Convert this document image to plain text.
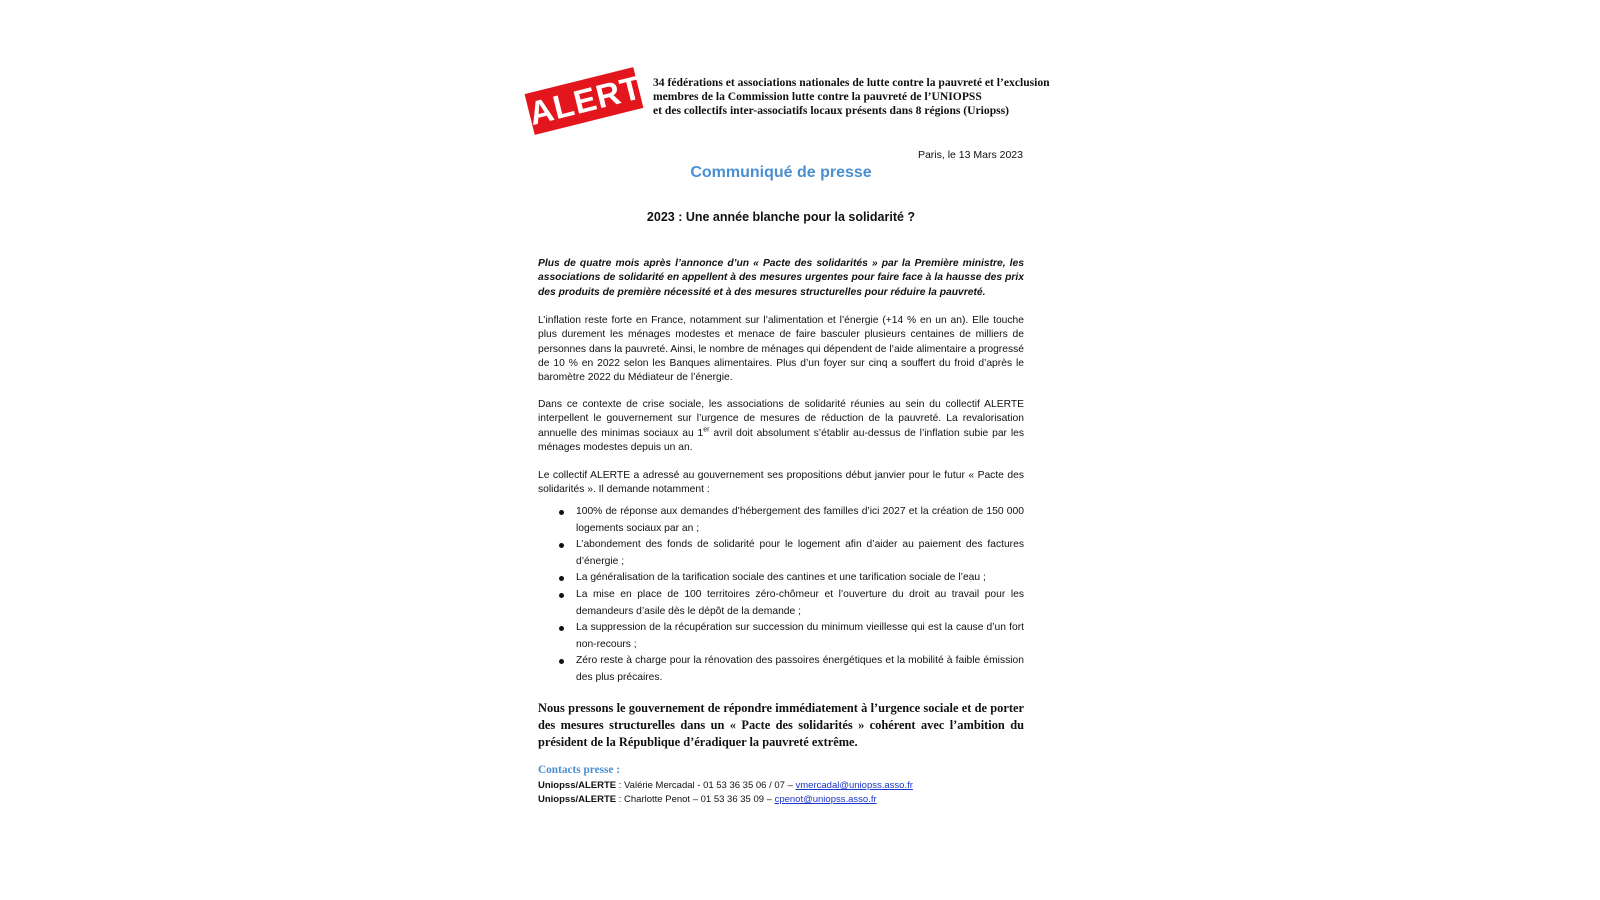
ALERTE
34 fédérations et associations nationales de lutte contre la pauvreté et l’exclusion
membres de la Commission lutte contre la pauvreté de l’UNIOPSS
et des collectifs inter-associatifs locaux présents dans 8 régions (Uriopss)
Paris, le 13 Mars 2023
Communiqué de presse
2023 : Une année blanche pour la solidarité ?
Plus de quatre mois après l’annonce d’un « Pacte des solidarités » par la Première ministre, les associations de solidarité en appellent à des mesures urgentes pour faire face à la hausse des prix des produits de première nécessité et à des mesures structurelles pour réduire la pauvreté.
L’inflation reste forte en France, notamment sur l’alimentation et l’énergie (+14 % en un an). Elle touche plus durement les ménages modestes et menace de faire basculer plusieurs centaines de milliers de personnes dans la pauvreté. Ainsi, le nombre de ménages qui dépendent de l’aide alimentaire a progressé de 10 % en 2022 selon les Banques alimentaires. Plus d’un foyer sur cinq a souffert du froid d’après le baromètre 2022 du Médiateur de l’énergie.
Dans ce contexte de crise sociale, les associations de solidarité réunies au sein du collectif ALERTE interpellent le gouvernement sur l’urgence de mesures de réduction de la pauvreté. La revalorisation annuelle des minimas sociaux au 1er avril doit absolument s’établir au-dessus de l’inflation subie par les ménages modestes depuis un an.
Le collectif ALERTE a adressé au gouvernement ses propositions début janvier pour le futur « Pacte des solidarités ». Il demande notamment :
100% de réponse aux demandes d’hébergement des familles d’ici 2027 et la création de 150 000 logements sociaux par an ;
L’abondement des fonds de solidarité pour le logement afin d’aider au paiement des factures d’énergie ;
La généralisation de la tarification sociale des cantines et une tarification sociale de l’eau ;
La mise en place de 100 territoires zéro-chômeur et l’ouverture du droit au travail pour les demandeurs d’asile dès le dépôt de la demande ;
La suppression de la récupération sur succession du minimum vieillesse qui est la cause d’un fort non-recours ;
Zéro reste à charge pour la rénovation des passoires énergétiques et la mobilité à faible émission des plus précaires.
Nous pressons le gouvernement de répondre immédiatement à l’urgence sociale et de porter des mesures structurelles dans un « Pacte des solidarités » cohérent avec l’ambition du président de la République d’éradiquer la pauvreté extrême.
Contacts presse :
Uniopss/ALERTE : Valérie Mercadal - 01 53 36 35 06 / 07 – vmercadal@uniopss.asso.fr
Uniopss/ALERTE : Charlotte Penot – 01 53 36 35 09 – cpenot@uniopss.asso.fr
